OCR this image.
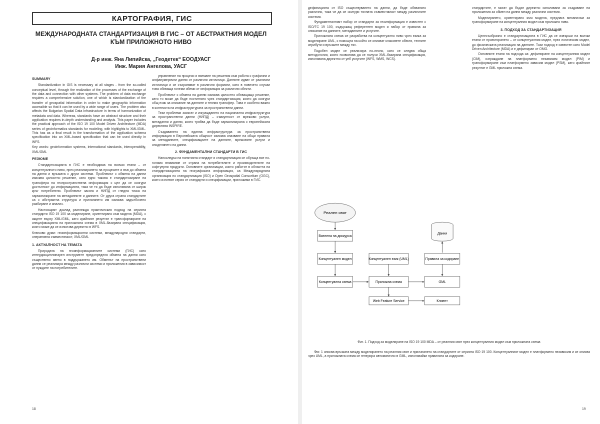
КАРТОГРАФИЯ, ГИС
МЕЖДУНАРОДНАТА СТАНДАРТИЗАЦИЯ В ГИС – ОТ АБСТРАКТНИЯ МОДЕЛ КЪМ ПРИЛОЖНОТО НИВО
Д-р инж. Яна Липийска, „Геодетек“ ЕООДУАСГ
Инж. Мария Ангелова, УАСГ
SUMMARY

Standardization in GIS is necessary at all stages - from the so-called conceptual level, through the realization of the processes of the exchange of the data and connection with other systems. The problem of data exchange requires a comprehensive solution, one of which is standardization of the transfer of geospatial information in order to make geographic information accessible so that it can be used by a wide range of users. The problem also affects the Bulgarian Spatial Data Infrastructure in terms of harmonization of metadata and data. Whereas, standards have an abstract structure and their application requires in-depth understanding and analysis. This paper includes the practical approach of the ISO 19 100 Model Driven Architecture (MDA) series of geoinformatics standards for modeling, with highlights to XML/GML. This has as a final result in the transformation of the application schema specification into an XML-based specification that can be used directly in WFS.

Key words: geoinformation systems, international standards, interoperability, XML/GML

РЕЗЮМЕ

Стандартизацията в ГИС е необходима на всички етапи – от концептуалното ниво, през реализирането на процесите и във до обмена на данни и връзката с други системи. Проблемът с обмена на данни изисква цялостно решение, като едно такова е стандартизиране на трансфера на геопространствена информация с цел да се осигури достъпност до информацията, така че тя да бъде използвана от широк кръг потребители. Проблемът засяга и НИПД от гледна точка на хармонизиране на метаданните и данните. От друга страна стандартите са с абстрактна структура и прилагането им изисква задълбочено разбиране и анализ.

Настоящият доклад разглежда практическия подход на серията стандарти ISO 19 100 за моделиране, ориентирано към модела (MDA), с акцент върху XML/GML, като крайният резултат е трансформиране на спецификацията на приложната схема в XML-базирана спецификация, която може да се използва директно в WFS.

Ключови думи: геоинформационни системи, международни стандарти, оперативна съвместимост, XML/GML

1. АКТУАЛНОСТ НА ТЕМАТА

Природата на геоинформационните системи (ГИС) като интердисциплинарен инструмент предопределя обмена на данни като съществено звено в поддържането им. Обменът на пространствени данни се реализира между различни системи и приложения в зависимост от нуждите на потребителите.

управление на процеси и вземане на решения към работа с графични и алфанумерични данни от различни източници. Данните идват от различни източници и се съхраняват в различни формати, като в повечето случаи това обхваща големи обеми от информация за различни обекти.

Проблемът с обмена на данни изисква цялостно обхващащо решение, като то може да бъде постигнато чрез стандартизация, която да осигури общ език за описание на данните и техния трансфер. Това е особено важно в контекста на инфраструктурата за пространствени данни.

Тези проблеми засягат и изграждането на национална инфраструктура за пространствени данни (НИПД) – съвкупност от мрежови услуги, метаданни и данни, която трябва да бъде хармонизирана с европейската директива INSPIRE.

Създаването на единна инфраструктура за пространствена информация в Европейската общност изисква спазване на общи правила за метаданните, спецификациите на данните, мрежовите услуги и споделянето на данни.

2. ФУНДАМЕНТАЛНИ СТАНДАРТИ В ГИС

Напоследък на понятията стандарт и стандартизация се обръща все по-голямо внимание от страна на потребителите и производителите на софтуерни продукти. Основните организации, които работят в областта на стандартизацията на географската информация, са Международната организация по стандартизация (ISO) и Open Geospatial Consortium (OGC), които изготвят серия от стандарти и спецификации, приложими в ГИС.

18

дефиницията от ISO съществуването на данни, да бъде обхванато различно, така че да се осигури тяхната съвместимост между различните системи.

Фундаменталният набор от стандарти за геоинформация е известен с ISO/TC 19 100, съдържащ референтен модел и набор от правила за описание на данните, метаданните и услугите.

Приложната схема се разработва на концептуално ниво чрез езика за моделиране UML, с помощта на който се описват класовете обекти, техните атрибути и връзките между тях.

Подобен модел се реализира по-лесно, като се следва обща методология, която позволява да се получи XML-базирана спецификация, използвана директно от уеб услугите (WFS, WMS, WCS).

стандартите, е могат да бъдат директно използвани за създаване на приложения за обмен на данни между различни системи.

Моделирането, ориентирано към модела, предлага механизъм за трансформиране на концептуалния модел към приложно ниво.

3. ПОДХОД ЗА СТАНДАРТИЗАЦИЯ

Целесъобразно е стандартизацията в ГИС да се извърши на всички етапи от проектирането – от концептуалния модел, през логическия модел, до физическата реализация на данните. Този подход е известен като Model Driven Architecture (MDA) и е дефиниран от OMG.

Основните етапи на подхода са: дефиниране на концептуалния модел (CIM), изграждане на платформено независим модел (PIM) и трансформиране към платформено зависим модел (PSM), като крайният резултат е GML приложна схема.

Реален свят
Вселена на дискурса
Концептуален модел
Концептуална схема
Концептуален език (UML)
Приложна схема
Правила за кодиране
GML
Данни
Web Feature Service	Клиент
Фиг. 1. Подход за моделиране на ISO 19 100 MDA – от реалния свят през концептуалния модел към приложната схема

Фиг. 1 описва връзката между моделирането на реалния свят и прилагането на стандартите от серията ISO 19 100. Концептуалният модел е платформено независим и се описва чрез UML, а приложната схема се генерира автоматично в GML, използвайки правилата за кодиране.

19
